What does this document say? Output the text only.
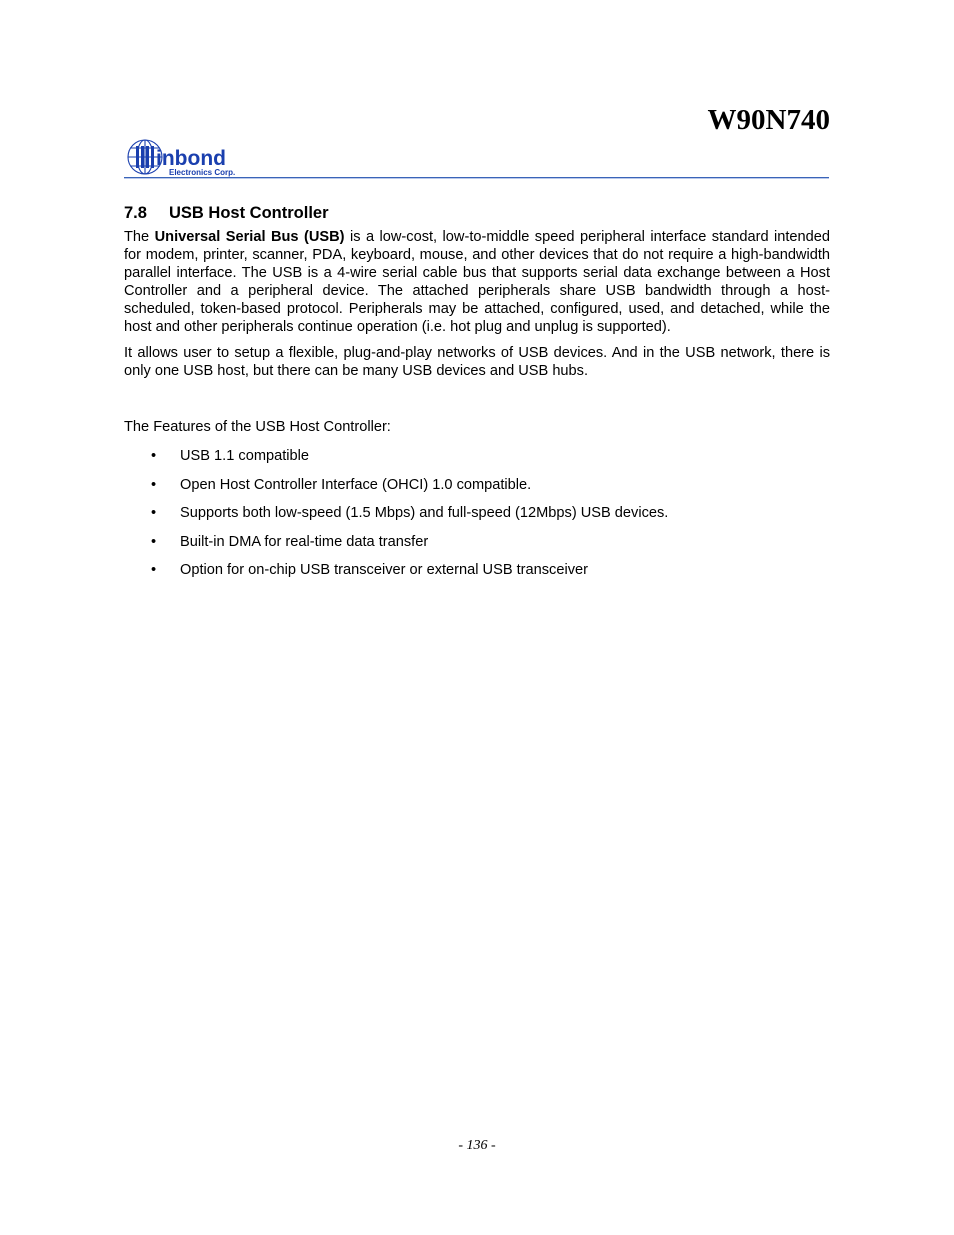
W90N740
inbond
Electronics Corp.
7.8 USB Host Controller

The Universal Serial Bus (USB) is a low-cost, low-to-middle speed peripheral interface standard intended for modem, printer, scanner, PDA, keyboard, mouse, and other devices that do not require a high-bandwidth parallel interface. The USB is a 4-wire serial cable bus that supports serial data exchange between a Host Controller and a peripheral device. The attached peripherals share USB bandwidth through a host-scheduled, token-based protocol. Peripherals may be attached, configured, used, and detached, while the host and other peripherals continue operation (i.e. hot plug and unplug is supported).

It allows user to setup a flexible, plug-and-play networks of USB devices. And in the USB network, there is only one USB host, but there can be many USB devices and USB hubs.

The Features of the USB Host Controller:
• USB 1.1 compatible
• Open Host Controller Interface (OHCI) 1.0 compatible.
• Supports both low-speed (1.5 Mbps) and full-speed (12Mbps) USB devices.
• Built-in DMA for real-time data transfer
• Option for on-chip USB transceiver or external USB transceiver
- 136 -
